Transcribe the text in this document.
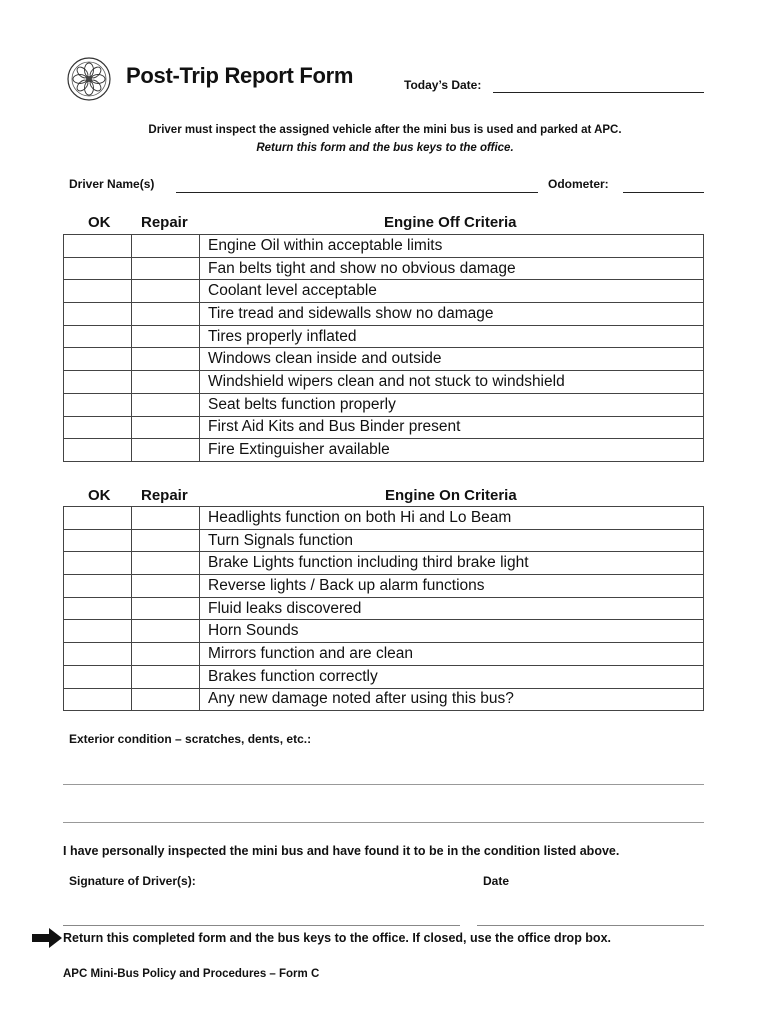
Post-Trip Report Form	Today’s Date:
Driver must inspect the assigned vehicle after the mini bus is used and parked at APC.
Return this form and the bus keys to the office.
Driver Name(s)	Odometer:
OK Repair	Engine Off Criteria
		Engine Oil within acceptable limits
		Fan belts tight and show no obvious damage
		Coolant level acceptable
		Tire tread and sidewalls show no damage
		Tires properly inflated
		Windows clean inside and outside
		Windshield wipers clean and not stuck to windshield
		Seat belts function properly
		First Aid Kits and Bus Binder present
		Fire Extinguisher available
OK Repair	Engine On Criteria
		Headlights function on both Hi and Lo Beam
		Turn Signals function
		Brake Lights function including third brake light
		Reverse lights / Back up alarm functions
		Fluid leaks discovered
		Horn Sounds
		Mirrors function and are clean
		Brakes function correctly
		Any new damage noted after using this bus?
Exterior condition – scratches, dents, etc.:
I have personally inspected the mini bus and have found it to be in the condition listed above.
Signature of Driver(s):	Date
Return this completed form and the bus keys to the office. If closed, use the office drop box.
APC Mini-Bus Policy and Procedures – Form C
